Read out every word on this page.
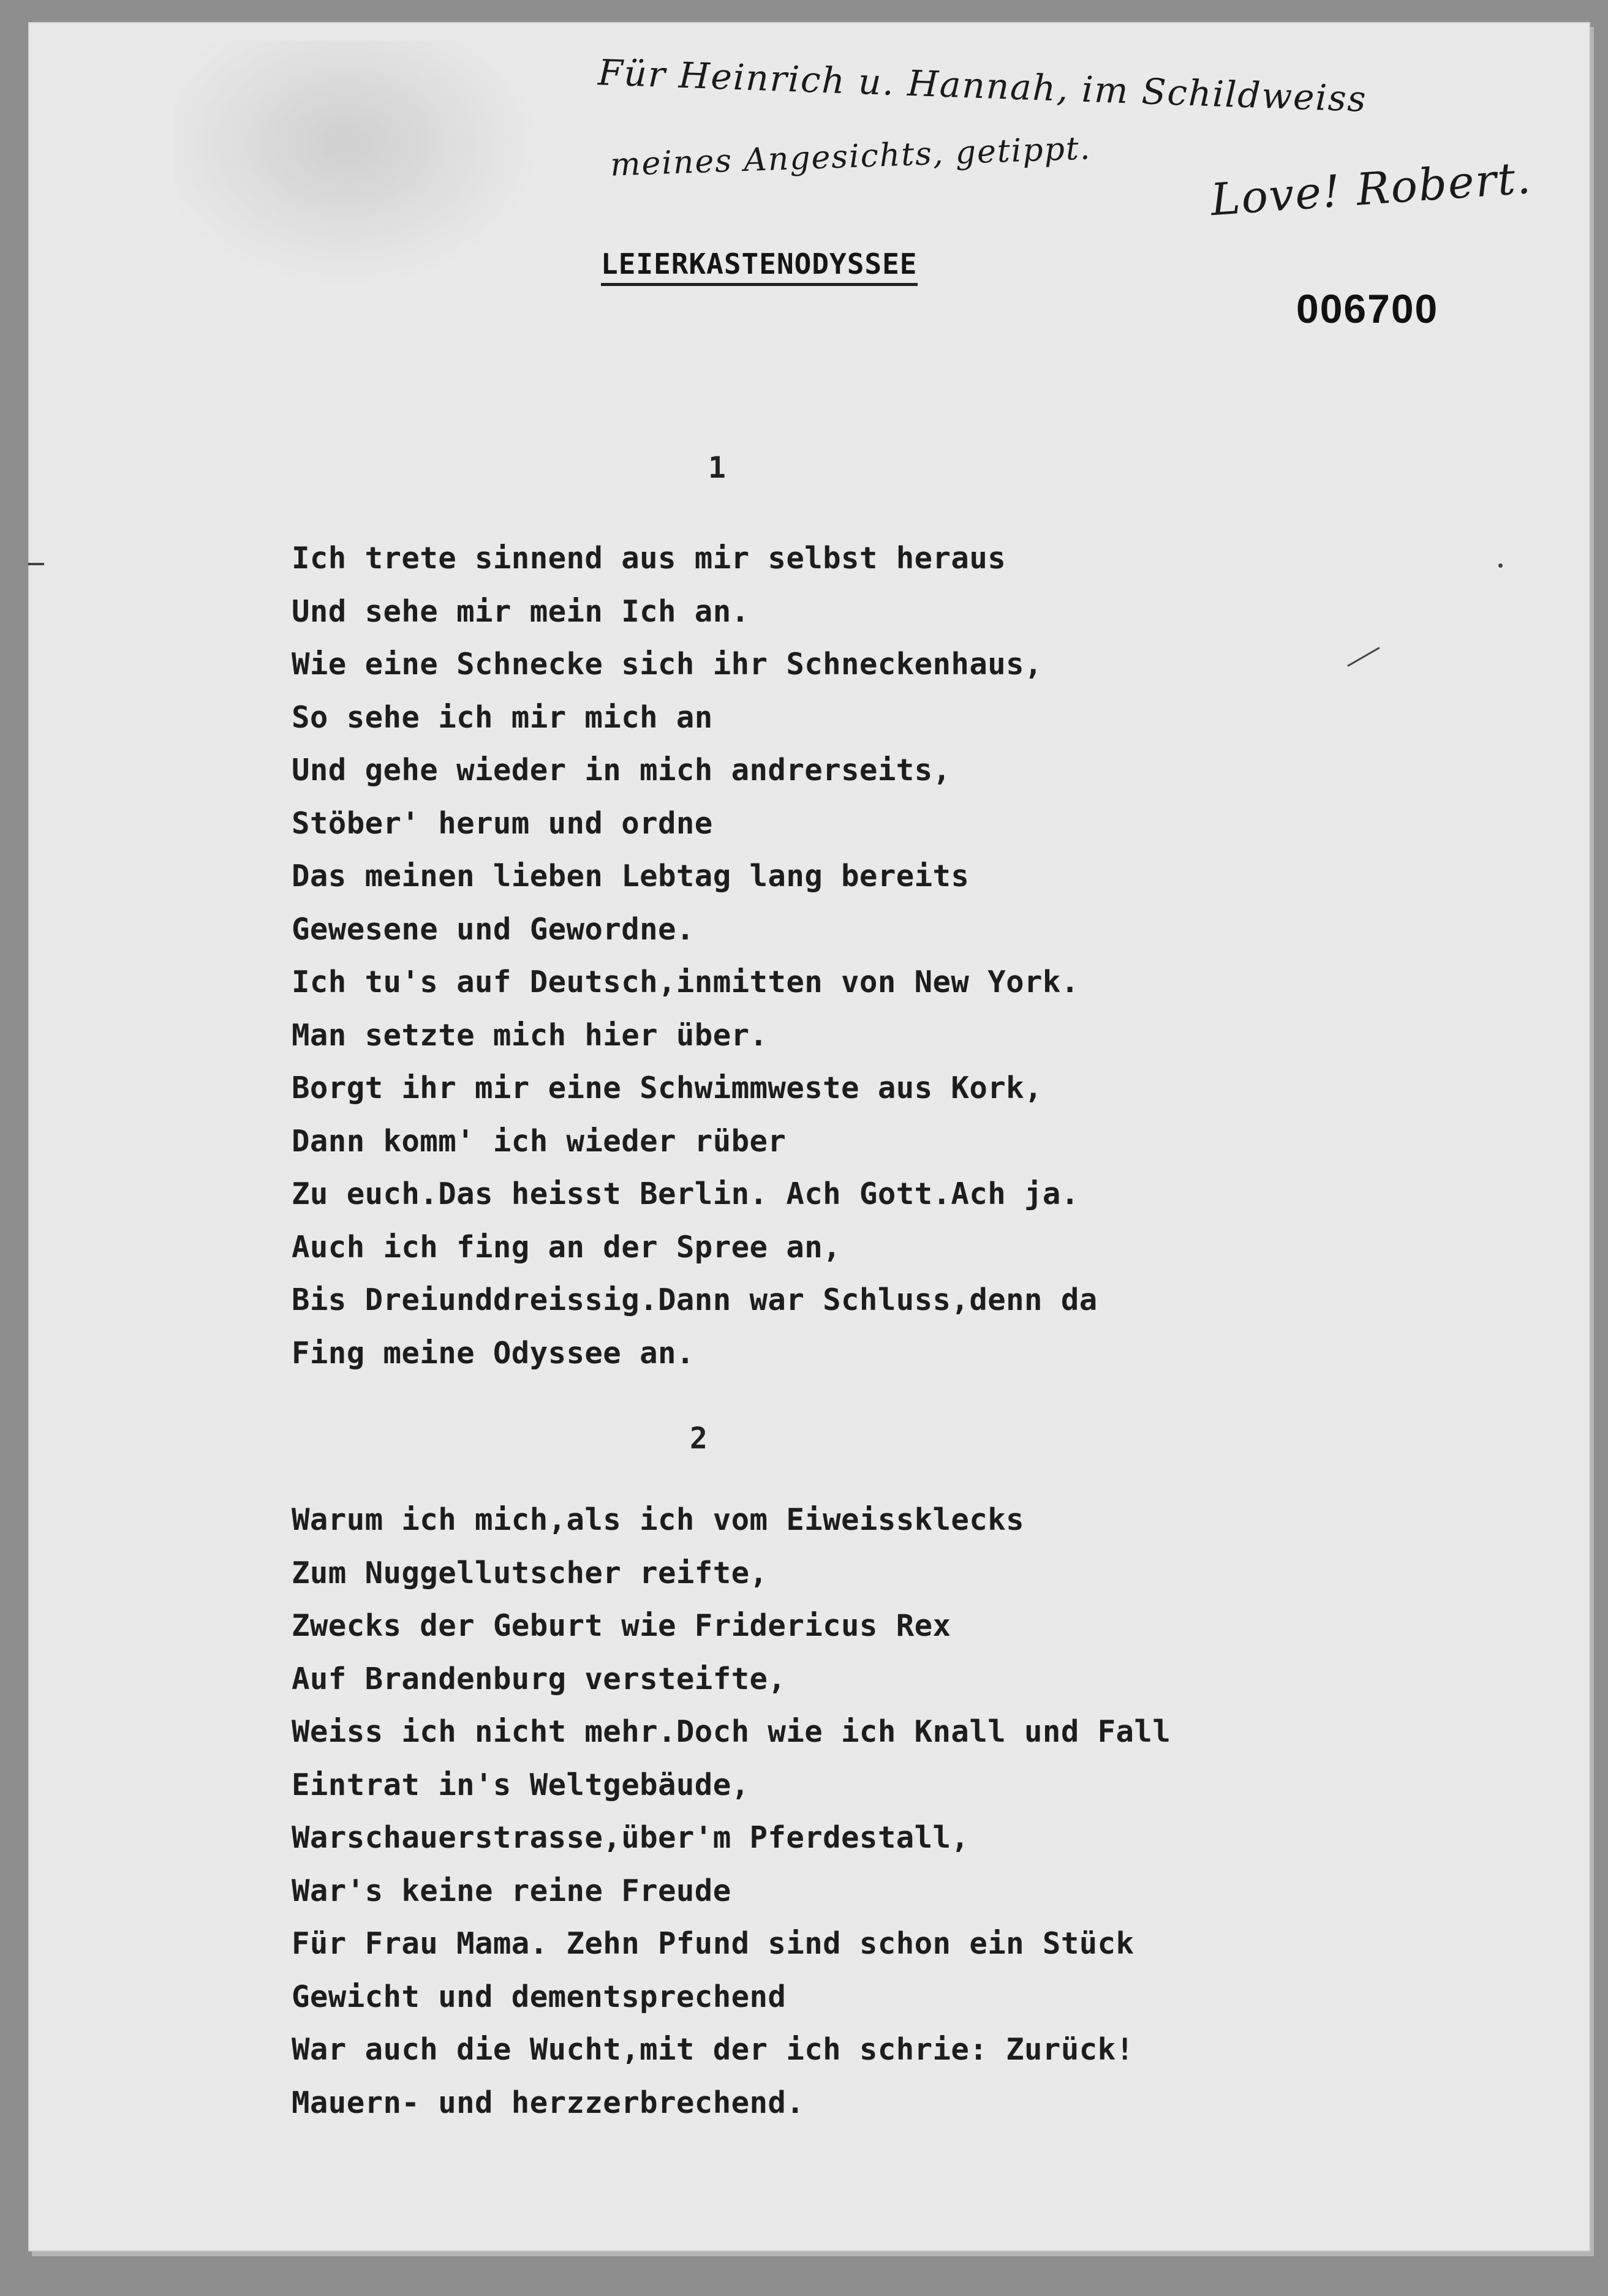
Für Heinrich u. Hannah, im Schildweiss
meines Angesichts, getippt.	Love! Robert.
LEIERKASTENODYSSEE
006700
1
Ich trete sinnend aus mir selbst heraus
Und sehe mir mein Ich an.
Wie eine Schnecke sich ihr Schneckenhaus,
So sehe ich mir mich an
Und gehe wieder in mich andrerseits,
Stöber' herum und ordne
Das meinen lieben Lebtag lang bereits
Gewesene und Gewordne.
Ich tu's auf Deutsch,inmitten von New York.
Man setzte mich hier über.
Borgt ihr mir eine Schwimmweste aus Kork,
Dann komm' ich wieder rüber
Zu euch.Das heisst Berlin. Ach Gott.Ach ja.
Auch ich fing an der Spree an,
Bis Dreiunddreissig.Dann war Schluss,denn da
Fing meine Odyssee an.
2
Warum ich mich,als ich vom Eiweissklecks
Zum Nuggellutscher reifte,
Zwecks der Geburt wie Fridericus Rex
Auf Brandenburg versteifte,
Weiss ich nicht mehr.Doch wie ich Knall und Fall
Eintrat in's Weltgebäude,
Warschauerstrasse,über'm Pferdestall,
War's keine reine Freude
Für Frau Mama. Zehn Pfund sind schon ein Stück
Gewicht und dementsprechend
War auch die Wucht,mit der ich schrie: Zurück!
Mauern- und herzzerbrechend.
